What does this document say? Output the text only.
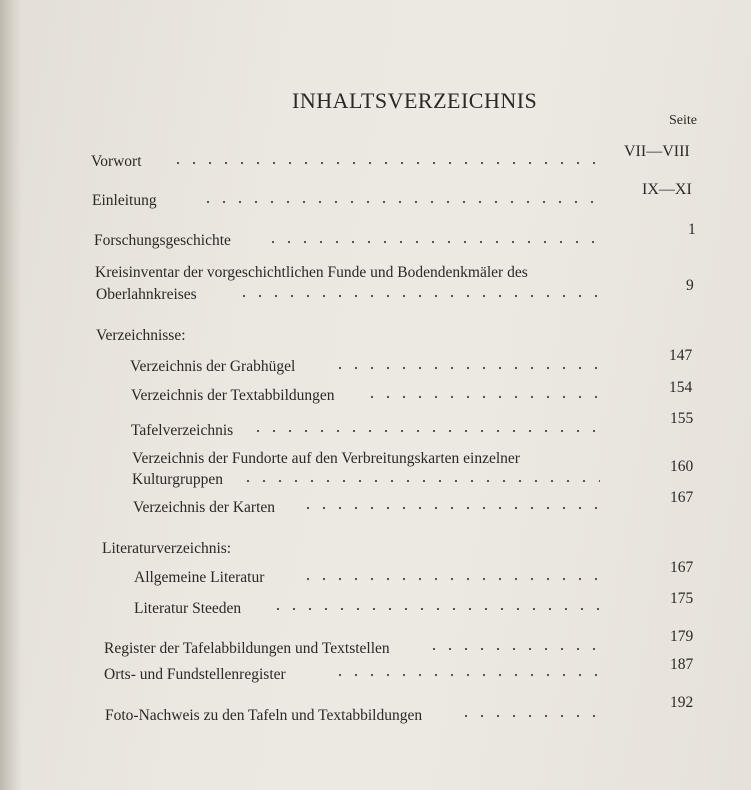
INHALTSVERZEICHNIS
Seite
Vorwort
VII—VIII
Einleitung
IX—XI
Forschungsgeschichte
1
Kreisinventar der vorgeschichtlichen Funde und Bodendenkmäler des
Oberlahnkreises
9
Verzeichnisse:
Verzeichnis der Grabhügel
147
Verzeichnis der Textabbildungen	154
Tafelverzeichnis
155
Verzeichnis der Fundorte auf den Verbreitungskarten einzelner
Kulturgruppen
160
Verzeichnis der Karten
167
Literaturverzeichnis:
Allgemeine Literatur
167
Literatur Steeden
175
Register der Tafelabbildungen und Textstellen
179
Orts- und Fundstellenregister
187
Foto-Nachweis zu den Tafeln und Textabbildungen
192
